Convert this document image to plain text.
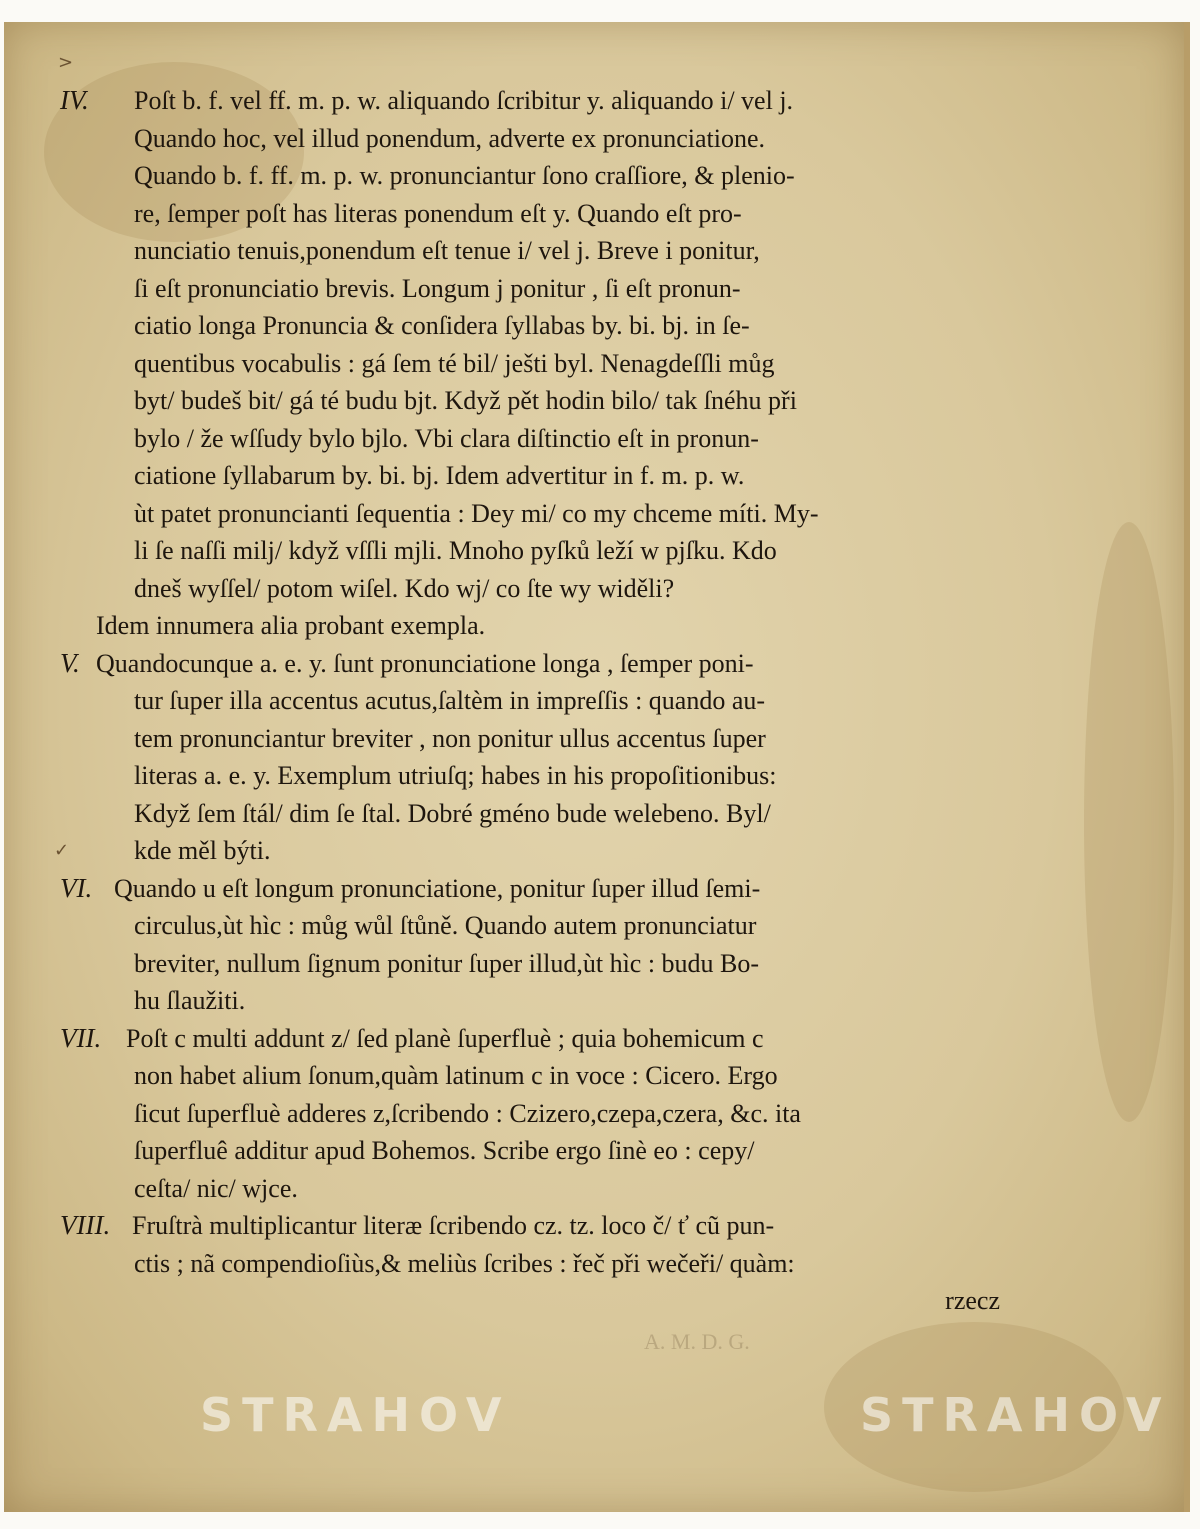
>
✓
A. M. D. G.
IV. Poſt b. f. vel ff. m. p. w. aliquando ſcribitur y. aliquando i/ vel j.
Quando hoc, vel illud ponendum, adverte ex pronunciatione.
Quando b. f. ff. m. p. w. pronunciantur ſono craſſiore, & plenio-
re, ſemper poſt has literas ponendum eſt y. Quando eſt pro-
nunciatio tenuis,ponendum eſt tenue i/ vel j. Breve i ponitur,
ſi eſt pronunciatio brevis. Longum j ponitur , ſi eſt pronun-
ciatio longa Pronuncia & conſidera ſyllabas by. bi. bj. in ſe-
quentibus vocabulis : gá ſem té bil/ ješti byl. Nenagdeſſli můg
byt/ budeš bit/ gá té budu bjt. Když pět hodin bilo/ tak ſnéhu při
bylo / že wſſudy bylo bjlo. Vbi clara diſtinctio eſt in pronun-
ciatione ſyllabarum by. bi. bj. Idem advertitur in f. m. p. w.
ùt patet pronuncianti ſequentia : Dey mi/ co my chceme míti. My-
li ſe naſſi milj/ když vſſli mjli. Mnoho pyſků leží w pjſku. Kdo
dneš wyſſel/ potom wiſel. Kdo wj/ co ſte wy widěli?
Idem innumera alia probant exempla.
V. Quandocunque a. e. y. ſunt pronunciatione longa , ſemper poni-
tur ſuper illa accentus acutus,ſaltèm in impreſſis : quando au-
tem pronunciantur breviter , non ponitur ullus accentus ſuper
literas a. e. y. Exemplum utriuſq; habes in his propoſitionibus:
Když ſem ſtál/ dim ſe ſtal. Dobré gméno bude welebeno. Byl/
kde měl býti.
VI. Quando u eſt longum pronunciatione, ponitur ſuper illud ſemi-
circulus,ùt hìc : můg wůl ſtůně. Quando autem pronunciatur
breviter, nullum ſignum ponitur ſuper illud,ùt hìc : budu Bo-
hu ſlaužiti.
VII. Poſt c multi addunt z/ ſed planè ſuperfluè ; quia bohemicum c
non habet alium ſonum,quàm latinum c in voce : Cicero. Ergo
ſicut ſuperfluè adderes z,ſcribendo : Czizero,czepa,czera, &c. ita
ſuperfluê additur apud Bohemos. Scribe ergo ſinè eo : cepy/
ceſta/ nic/ wjce.
VIII. Fruſtrà multiplicantur literæ ſcribendo cz. tz. loco č/ ť cũ pun-
ctis ; nã compendioſiùs,& meliùs ſcribes : řeč při wečeři/ quàm:
rzecz
STRAHOV	STRAHOV
